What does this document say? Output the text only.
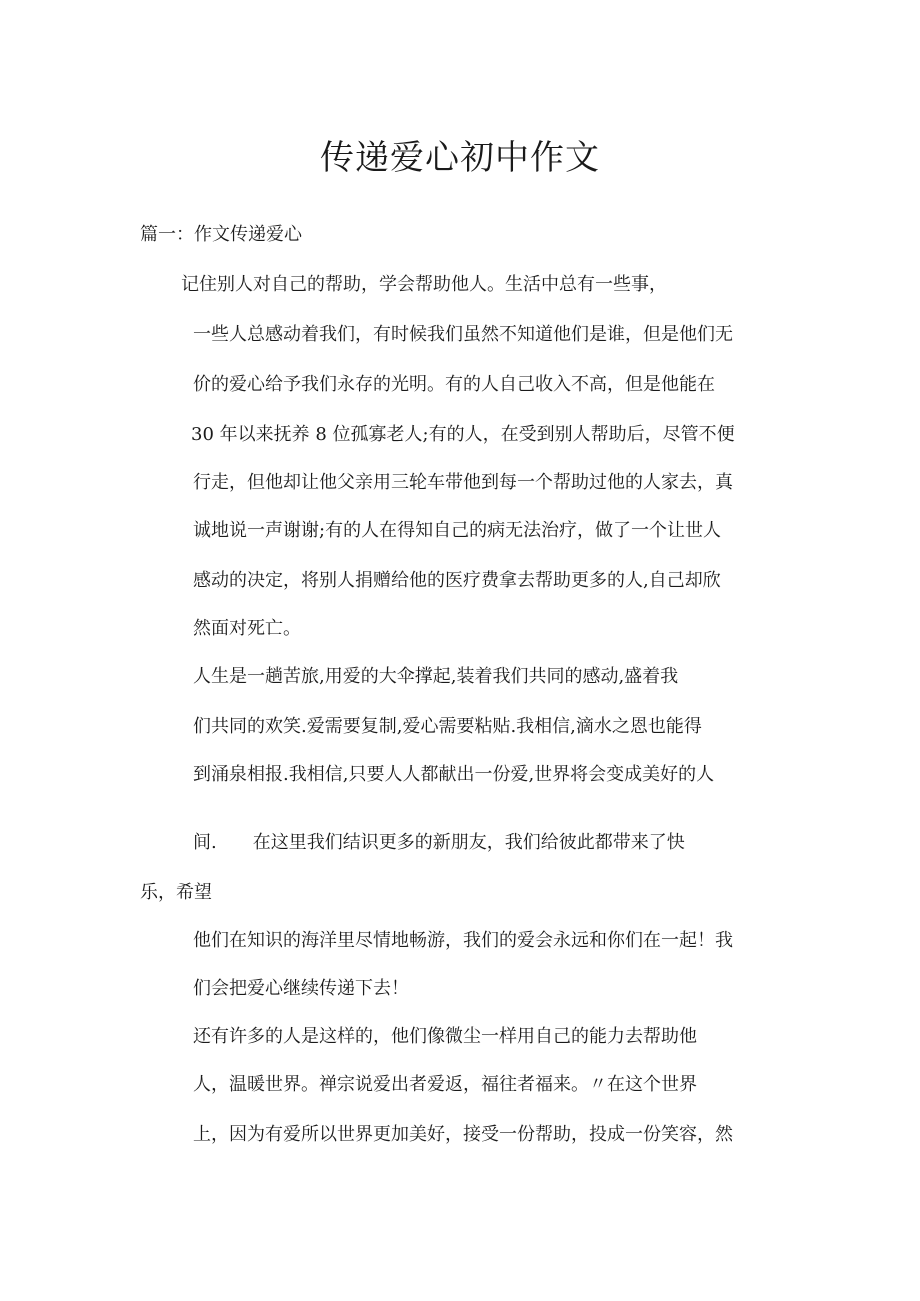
传递爱心初中作文
篇一：作文传递爱心
记住别人对自己的帮助，学会帮助他人。生活中总有一些事，
一些人总感动着我们，有时候我们虽然不知道他们是谁，但是他们无
价的爱心给予我们永存的光明。有的人自己收入不高，但是他能在
30 年以来抚养 8 位孤寡老人;有的人，在受到别人帮助后，尽管不便
行走，但他却让他父亲用三轮车带他到每一个帮助过他的人家去，真
诚地说一声谢谢;有的人在得知自己的病无法治疗，做了一个让世人
感动的决定，将别人捐赠给他的医疗费拿去帮助更多的人,自己却欣
然面对死亡。
人生是一趟苦旅,用爱的大伞撑起,装着我们共同的感动,盛着我
们共同的欢笑.爱需要复制,爱心需要粘贴.我相信,滴水之恩也能得
到涌泉相报.我相信,只要人人都献出一份爱,世界将会变成美好的人
间. 在这里我们结识更多的新朋友，我们给彼此都带来了快
乐，希望
他们在知识的海洋里尽情地畅游，我们的爱会永远和你们在一起！我
们会把爱心继续传递下去！
还有许多的人是这样的，他们像微尘一样用自己的能力去帮助他
人，温暖世界。禅宗说爱出者爱返，福往者福来。〃在这个世界
上，因为有爱所以世界更加美好，接受一份帮助，投成一份笑容，然
